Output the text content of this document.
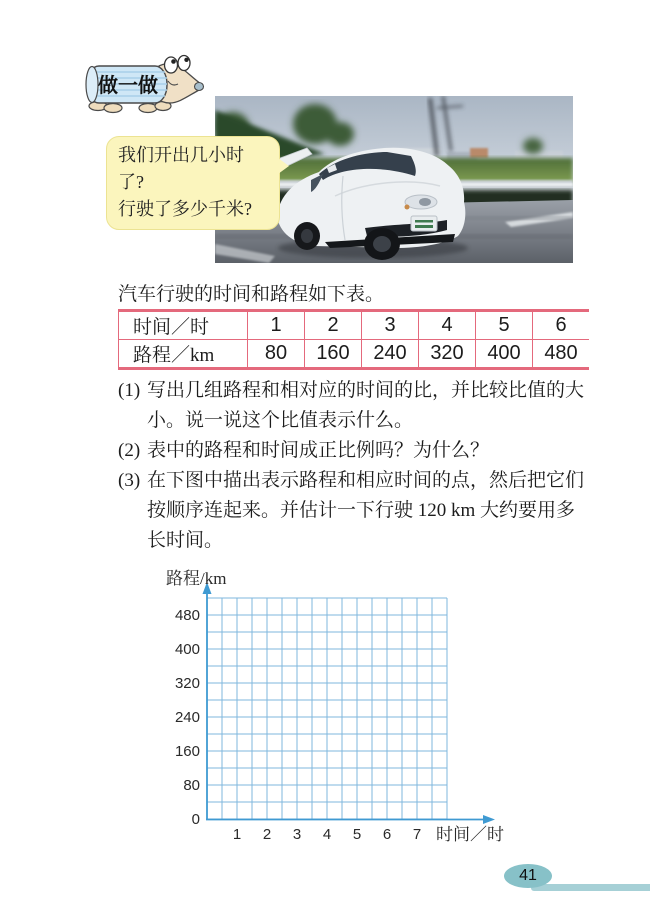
做一做
我们开出几小时了?
行驶了多少千米?
汽车行驶的时间和路程如下表。
时间／时	1	2	3	4	5	6
路程／km	80	160	240	320	400	480
(1) 写出几组路程和相对应的时间的比，并比较比值的大小。说一说这个比值表示什么。
(2) 表中的路程和时间成正比例吗？为什么？
(3) 在下图中描出表示路程和相应时间的点，然后把它们按顺序连起来。并估计一下行驶 120 km 大约要用多长时间。
路程/km
时间／时
0
80
160
240
320
400
480
1 2 3 4 5 6 7
41
